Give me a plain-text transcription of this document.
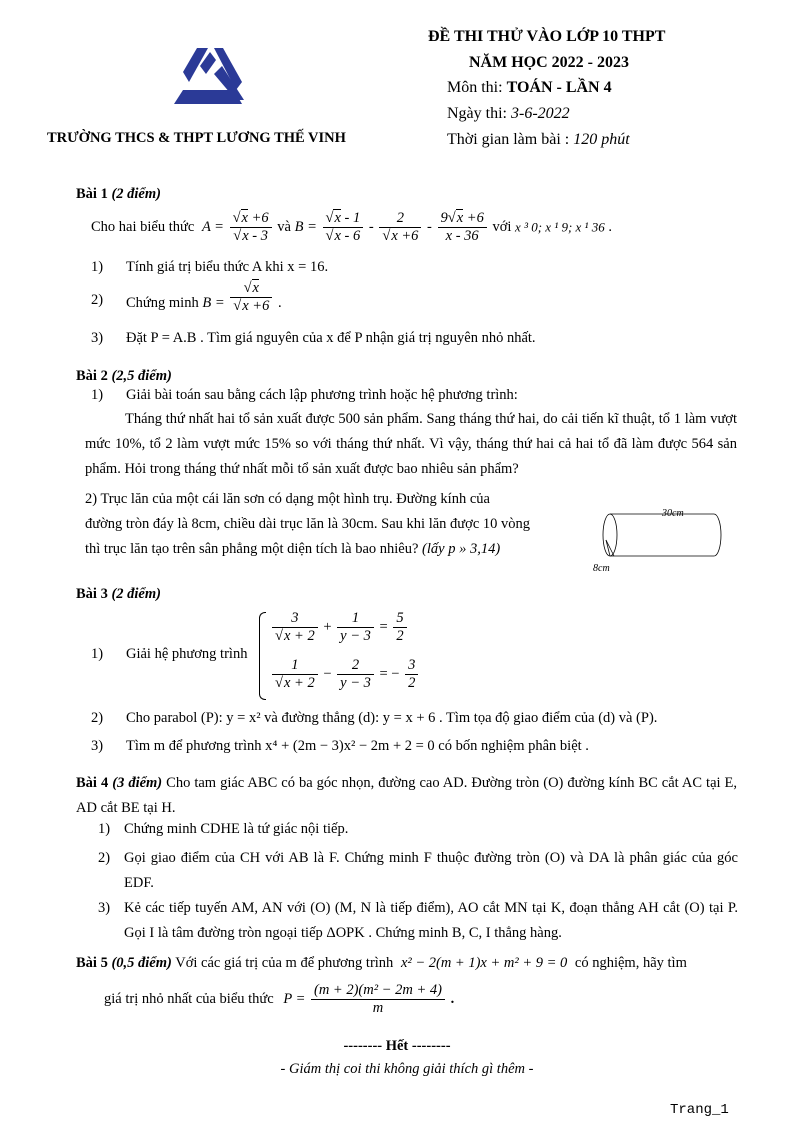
TRƯỜNG THCS & THPT LƯƠNG THẾ VINH
ĐỀ THI THỬ VÀO LỚP 10 THPT
NĂM HỌC 2022 - 2023
Môn thi: TOÁN - LẦN 4
Ngày thi: 3-6-2022
Thời gian làm bài : 120 phút
Bài 1 (2 điểm)
Cho hai biểu thức $A = \frac{√x +6}{√x - 3}$ và $B = \frac{√x - 1}{√x - 6} - \frac{2}{√x +6} - \frac{9√x +6}{x - 36}$ với x ³ 0; x ¹ 9; x ¹ 36 .
1) Tính giá trị biểu thức A khi x = 16.
2) Chứng minh $B = \frac{√x}{√x +6}$ .
3) Đặt P = A.B . Tìm giá nguyên của x để P nhận giá trị nguyên nhỏ nhất.
Bài 2 (2,5 điểm)
1) Giải bài toán sau bằng cách lập phương trình hoặc hệ phương trình:
Tháng thứ nhất hai tổ sản xuất được 500 sản phẩm. Sang tháng thứ hai, do cải tiến kĩ thuật, tổ 1 làm vượt mức 10%, tổ 2 làm vượt mức 15% so với tháng thứ nhất. Vì vậy, tháng thứ hai cả hai tổ đã làm được 564 sản phẩm. Hỏi trong tháng thứ nhất mỗi tổ sản xuất được bao nhiêu sản phẩm?
2) Trục lăn của một cái lăn sơn có dạng một hình trụ. Đường kính của
đường tròn đáy là 8cm, chiều dài trục lăn là 30cm. Sau khi lăn được 10 vòng
thì trục lăn tạo trên sân phẳng một diện tích là bao nhiêu? (lấy p » 3,14)
30cm
8cm
Bài 3 (2 điểm)
1) Giải hệ phương trình
$\frac{3}{√x + 2} + \frac{1}{y - 3} = \frac{5}{2}$
$\frac{1}{√x + 2} - \frac{2}{y - 3}$ = − $\frac{3}{2}$
2) Cho parabol (P): y = x² và đường thẳng (d): y = x + 6 . Tìm tọa độ giao điểm của (d) và (P).
3) Tìm m để phương trình x⁴ + (2m − 3)x² − 2m + 2 = 0 có bốn nghiệm phân biệt .
Bài 4 (3 điểm) Cho tam giác ABC có ba góc nhọn, đường cao AD. Đường tròn (O) đường kính BC cắt AC tại E, AD cắt BE tại H.
1) Chứng minh CDHE là tứ giác nội tiếp.
2) Gọi giao điểm của CH với AB là F. Chứng minh F thuộc đường tròn (O) và DA là phân giác của góc EDF.
3) Kẻ các tiếp tuyến AM, AN với (O) (M, N là tiếp điểm), AO cắt MN tại K, đoạn thẳng AH cắt (O) tại P. Gọi I là tâm đường tròn ngoại tiếp ΔOPK . Chứng minh B, C, I thẳng hàng.
Bài 5 (0,5 điểm) Với các giá trị của m để phương trình x² − 2(m + 1)x + m² + 9 = 0 có nghiệm, hãy tìm
giá trị nhỏ nhất của biểu thức $P = \frac{\text{(m + 2)(m² − 2m + 4)}}{m}$ .
-------- Hết --------
- Giám thị coi thi không giải thích gì thêm -
Trang_1
